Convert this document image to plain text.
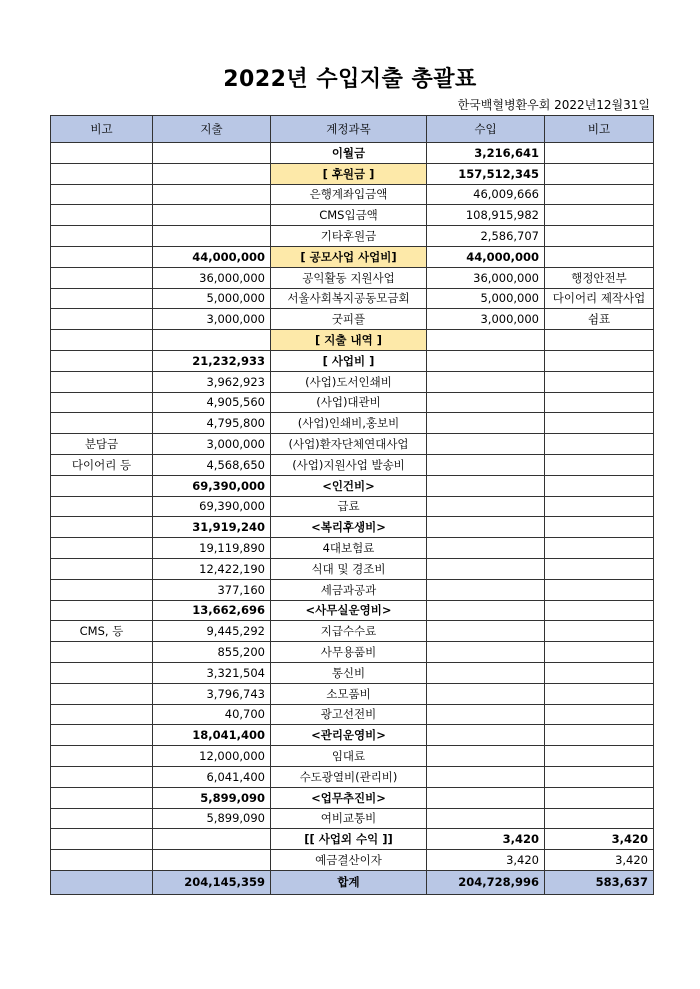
2022년 수입지출 총괄표
한국백혈병환우회 2022년12월31일
비고	지출	계정과목	수입	비고
		이월금	3,216,641	
		[ 후원금 ]	157,512,345	
		은행계좌입금액	46,009,666	
		CMS입금액	108,915,982	
		기타후원금	2,586,707	
	44,000,000	[ 공모사업 사업비]	44,000,000	
	36,000,000	공익활동 지원사업	36,000,000	행정안전부
	5,000,000	서울사회복지공동모금회	5,000,000	다이어리 제작사업
	3,000,000	굿피플	3,000,000	쉼표
		[ 지출 내역 ]		
	21,232,933	[ 사업비 ]		
	3,962,923	(사업)도서인쇄비		
	4,905,560	(사업)대관비		
	4,795,800	(사업)인쇄비,홍보비		
분담금	3,000,000	(사업)환자단체연대사업		
다이어리 등	4,568,650	(사업)지원사업 발송비		
	69,390,000	<인건비>		
	69,390,000	급료		
	31,919,240	<복리후생비>		
	19,119,890	4대보험료		
	12,422,190	식대 및 경조비		
	377,160	세금과공과		
	13,662,696	<사무실운영비>		
CMS, 등	9,445,292	지급수수료		
	855,200	사무용품비		
	3,321,504	통신비		
	3,796,743	소모품비		
	40,700	광고선전비		
	18,041,400	<관리운영비>		
	12,000,000	임대료		
	6,041,400	수도광열비(관리비)		
	5,899,090	<업무추진비>		
	5,899,090	여비교통비		
		[[ 사업외 수익 ]]	3,420	3,420
		예금결산이자	3,420	3,420
	204,145,359	합계	204,728,996	583,637
